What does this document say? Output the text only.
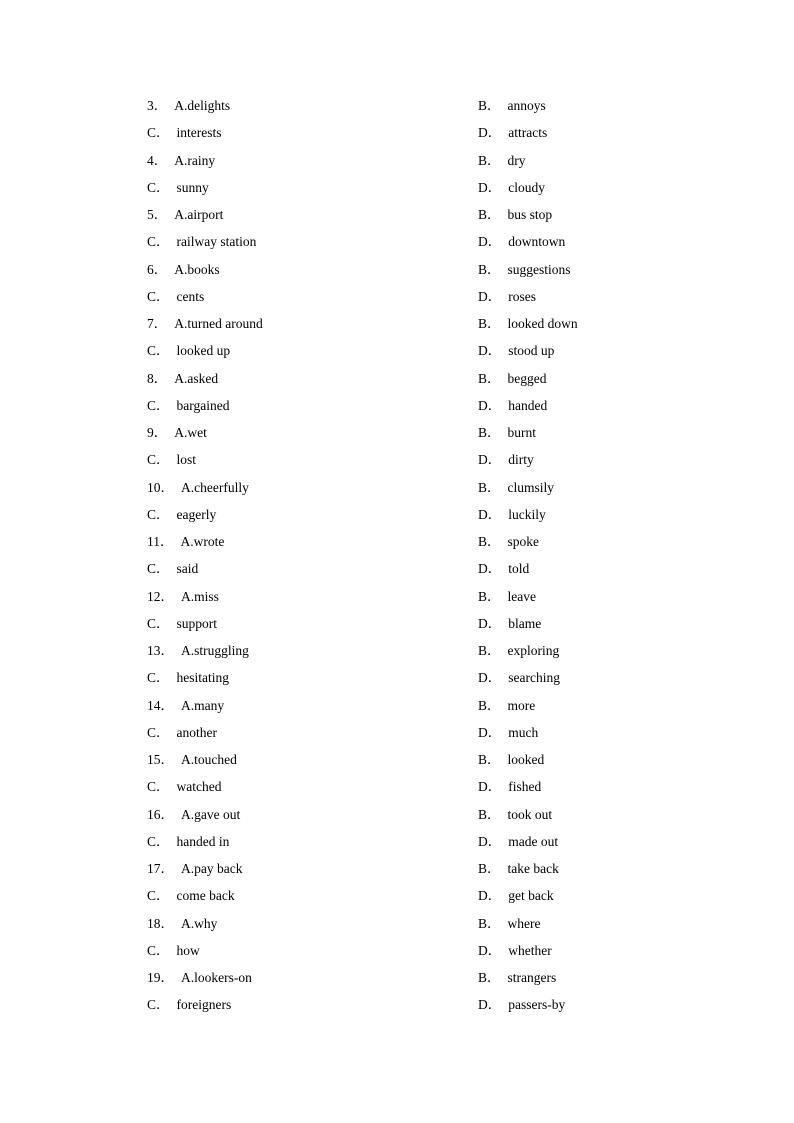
3． A.delights	B． annoys
C． interests	D． attracts
4． A.rainy	B． dry
C． sunny	D． cloudy
5． A.airport	B． bus stop
C． railway station	D． downtown
6． A.books	B． suggestions
C． cents	D． roses
7． A.turned around	B． looked down
C． looked up	D． stood up
8． A.asked	B． begged
C． bargained	D． handed
9． A.wet	B． burnt
C． lost	D． dirty
10． A.cheerfully	B． clumsily
C． eagerly	D． luckily
11． A.wrote	B． spoke
C． said	D． told
12． A.miss	B． leave
C． support	D． blame
13． A.struggling	B． exploring
C． hesitating	D． searching
14． A.many	B． more
C． another	D． much
15． A.touched	B． looked
C． watched	D． fished
16． A.gave out	B． took out
C． handed in	D． made out
17． A.pay back	B． take back
C． come back	D． get back
18． A.why	B． where
C． how	D． whether
19． A.lookers-on	B． strangers
C． foreigners	D． passers-by
